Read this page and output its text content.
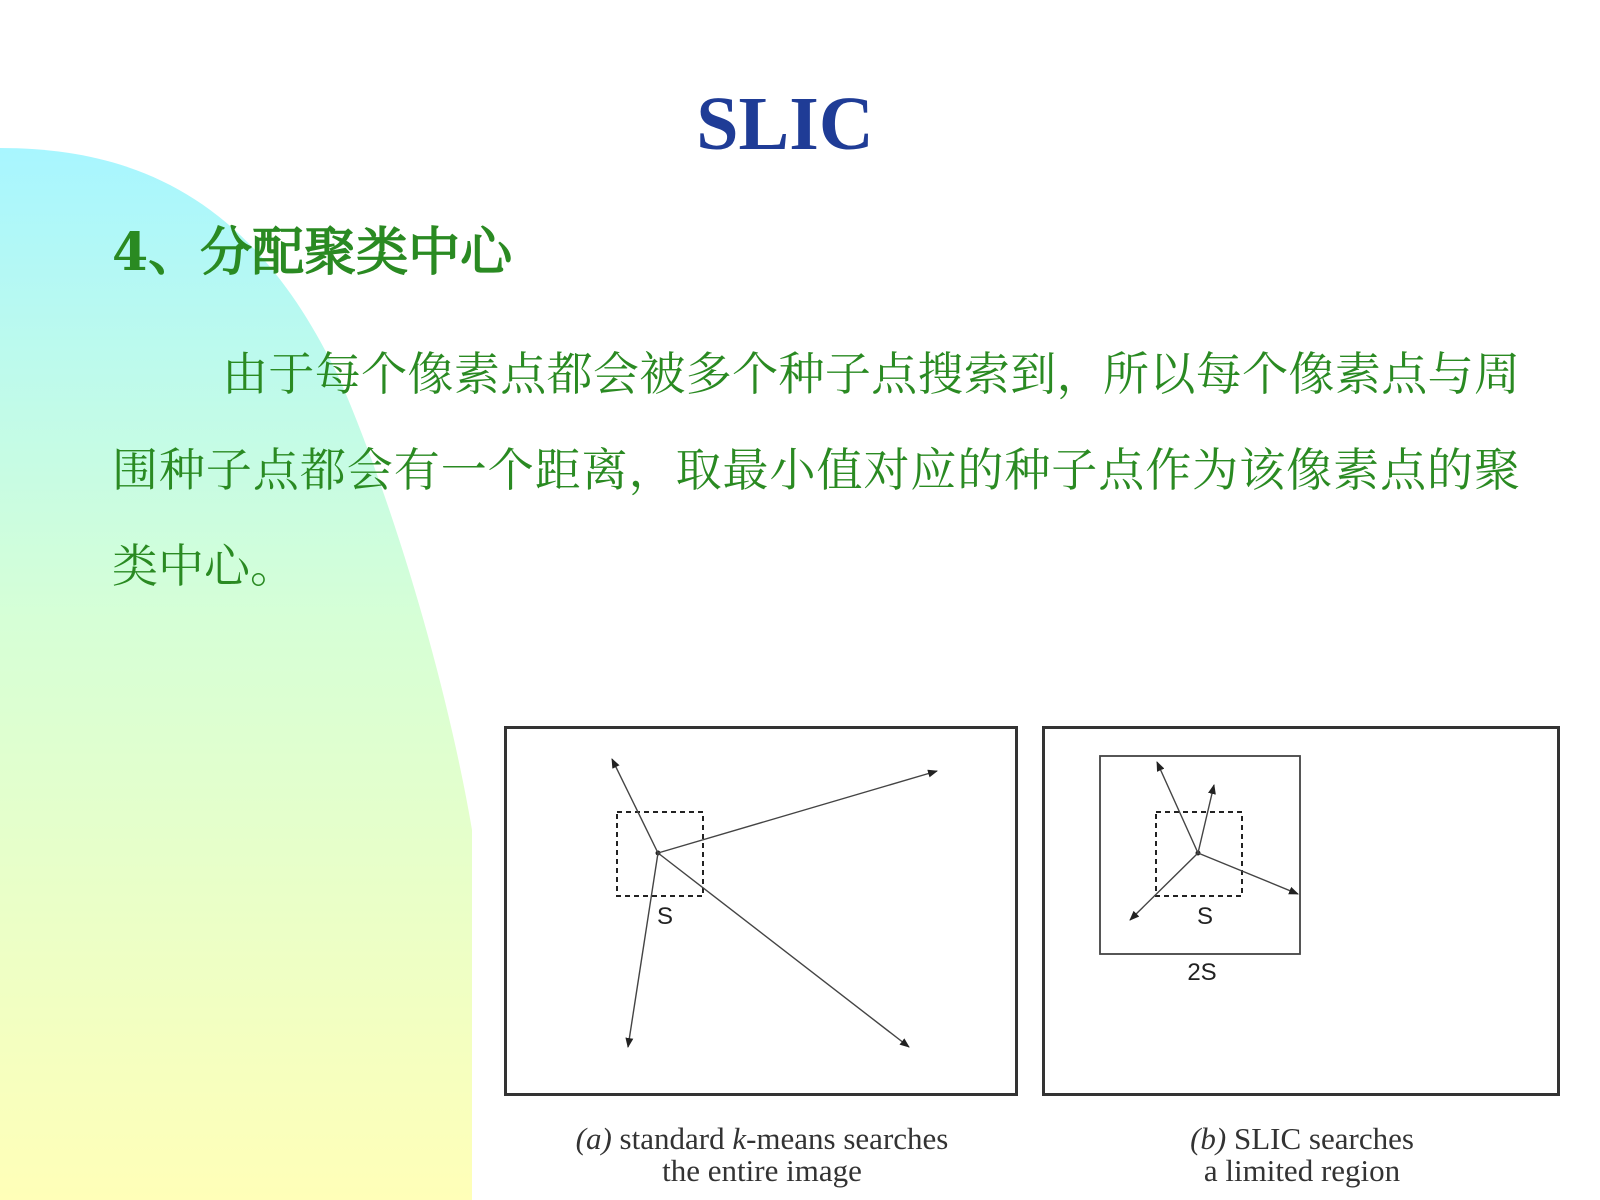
SLIC
4、分配聚类中心

由于每个像素点都会被多个种子点搜索到，所以每个像素点与周围种子点都会有一个距离，取最小值对应的种子点作为该像素点的聚类中心。

S	S
2S
(a) standard k-means searches
the entire image
(b) SLIC searches
a limited region
